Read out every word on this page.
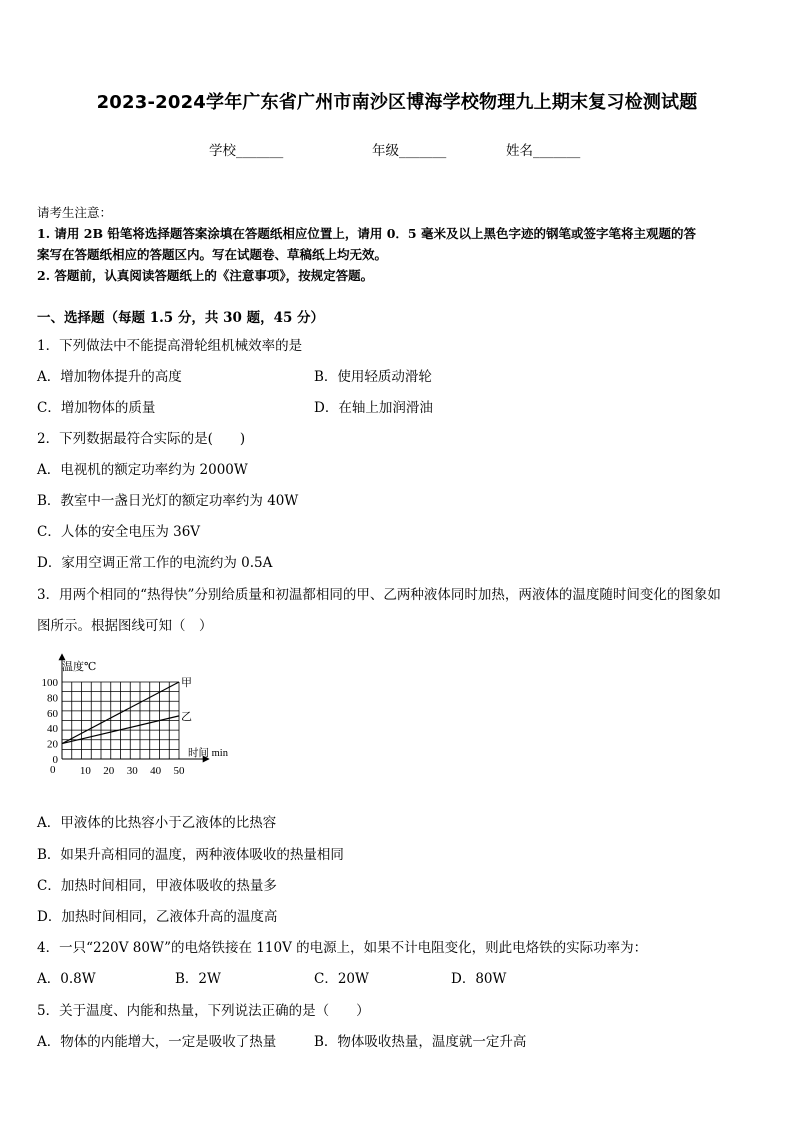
2023-2024学年广东省广州市南沙区博海学校物理九上期末复习检测试题
学校_______	年级_______	姓名_______
请考生注意：
1. 请用 2B 铅笔将选择题答案涂填在答题纸相应位置上，请用 0．5 毫米及以上黑色字迹的钢笔或签字笔将主观题的答
案写在答题纸相应的答题区内。写在试题卷、草稿纸上均无效。
2. 答题前，认真阅读答题纸上的《注意事项》，按规定答题。
一、选择题（每题 1.5 分，共 30 题，45 分）
1．下列做法中不能提高滑轮组机械效率的是
A．增加物体提升的高度	B．使用轻质动滑轮
C．增加物体的质量	D．在轴上加润滑油
2．下列数据最符合实际的是(　　)
A．电视机的额定功率约为 2000W
B．教室中一盏日光灯的额定功率约为 40W
C．人体的安全电压为 36V
D．家用空调正常工作的电流约为 0.5A
3．用两个相同的“热得快”分别给质量和初温都相同的甲、乙两种液体同时加热，两液体的温度随时间变化的图象如
图所示。根据图线可知（　）
0
20
40
60
80
100
10 20 30 40 50
甲
乙
温度℃
时间 min
0
A．甲液体的比热容小于乙液体的比热容
B．如果升高相同的温度，两种液体吸收的热量相同
C．加热时间相同，甲液体吸收的热量多
D．加热时间相同，乙液体升高的温度高
4．一只“220V 80W”的电烙铁接在 110V 的电源上，如果不计电阻变化，则此电烙铁的实际功率为：
A．0.8W	B．2W	C．20W	D．80W
5．关于温度、内能和热量，下列说法正确的是（　　）
A．物体的内能增大，一定是吸收了热量	B．物体吸收热量，温度就一定升高
